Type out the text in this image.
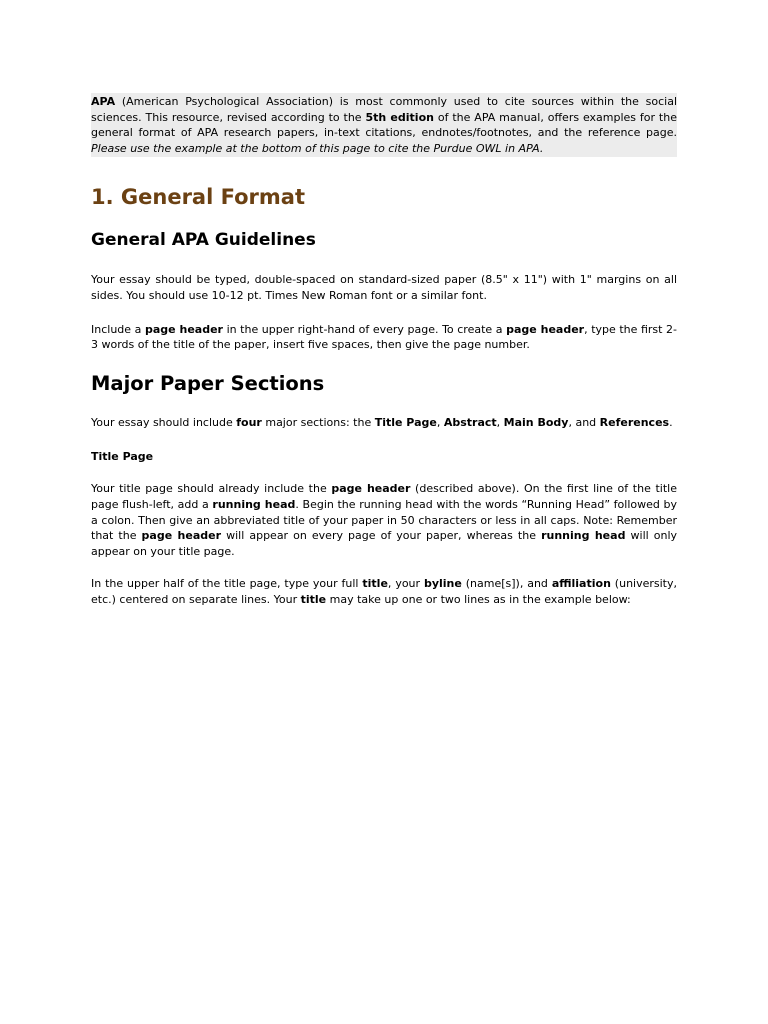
APA (American Psychological Association) is most commonly used to cite sources within the social sciences. This resource, revised according to the 5th edition of the APA manual, offers examples for the general format of APA research papers, in-text citations, endnotes/footnotes, and the reference page. Please use the example at the bottom of this page to cite the Purdue OWL in APA.

1. General Format
General APA Guidelines

Your essay should be typed, double-spaced on standard-sized paper (8.5" x 11") with 1" margins on all sides. You should use 10-12 pt. Times New Roman font or a similar font.

Include a page header in the upper right-hand of every page. To create a page header, type the first 2-3 words of the title of the paper, insert five spaces, then give the page number.

Major Paper Sections

Your essay should include four major sections: the Title Page, Abstract, Main Body, and References.

Title Page

Your title page should already include the page header (described above). On the first line of the title page flush-left, add a running head. Begin the running head with the words “Running Head” followed by a colon. Then give an abbreviated title of your paper in 50 characters or less in all caps. Note: Remember that the page header will appear on every page of your paper, whereas the running head will only appear on your title page.

In the upper half of the title page, type your full title, your byline (name[s]), and affiliation (university, etc.) centered on separate lines. Your title may take up one or two lines as in the example below:
